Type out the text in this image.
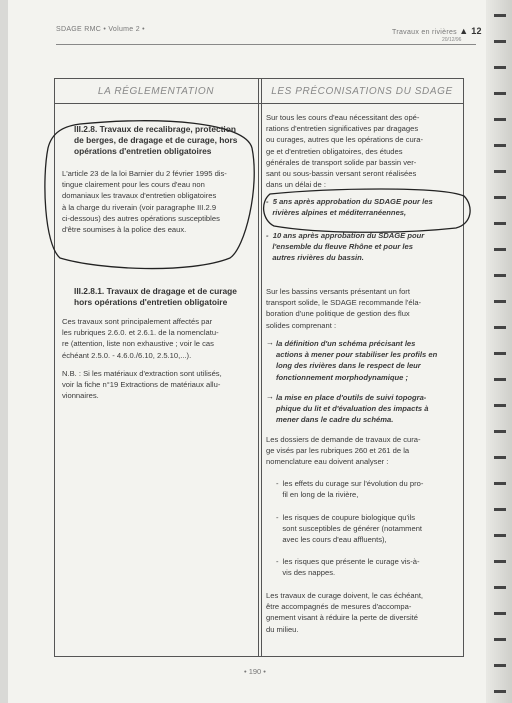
SDAGE RMC • Volume 2 •	Travaux en rivières ▲ 12
20/12/96
LA RÉGLEMENTATION	LES PRÉCONISATIONS DU SDAGE
III.2.8. Travaux de recalibrage, protection
de berges, de dragage et de curage, hors
opérations d'entretien obligatoires
L'article 23 de la loi Barnier du 2 février 1995 dis-
tingue clairement pour les cours d'eau non
domaniaux les travaux d'entretien obligatoires
à la charge du riverain (voir paragraphe III.2.9
ci-dessous) des autres opérations susceptibles
d'être soumises à la police des eaux.
III.2.8.1. Travaux de dragage et de curage
hors opérations d'entretien obligatoire
Ces travaux sont principalement affectés par
les rubriques 2.6.0. et 2.6.1. de la nomenclatu-
re (attention, liste non exhaustive ; voir le cas
échéant 2.5.0. - 4.6.0./6.10, 2.5.10,...).
N.B. : Si les matériaux d'extraction sont utilisés,
voir la fiche n°19 Extractions de matériaux allu-
vionnaires.
Sur tous les cours d'eau nécessitant des opé-
rations d'entretien significatives par dragages
ou curages, autres que les opérations de cura-
ge et d'entretien obligatoires, des études
générales de transport solide par bassin ver-
sant ou sous-bassin versant seront réalisées
dans un délai de :
-  5 ans après approbation du SDAGE pour les
rivières alpines et méditerranéennes,
-  10 ans après approbation du SDAGE pour
l'ensemble du fleuve Rhône et pour les
autres rivières du bassin.
Sur les bassins versants présentant un fort
transport solide, le SDAGE recommande l'éla-
boration d'une politique de gestion des flux
solides comprenant :
→ la définition d'un schéma précisant les
actions à mener pour stabiliser les profils en
long des rivières dans le respect de leur
fonctionnement morphodynamique ;
→ la mise en place d'outils de suivi topogra-
phique du lit et d'évaluation des impacts à
mener dans le cadre du schéma.
Les dossiers de demande de travaux de cura-
ge visés par les rubriques 260 et 261 de la
nomenclature eau doivent analyser :
-  les effets du curage sur l'évolution du pro-
fil en long de la rivière,
-  les risques de coupure biologique qu'ils
sont susceptibles de générer (notamment
avec les cours d'eau affluents),
-  les risques que présente le curage vis-à-
vis des nappes.
Les travaux de curage doivent, le cas échéant,
être accompagnés de mesures d'accompa-
gnement visant à réduire la perte de diversité
du milieu.
• 190 •
